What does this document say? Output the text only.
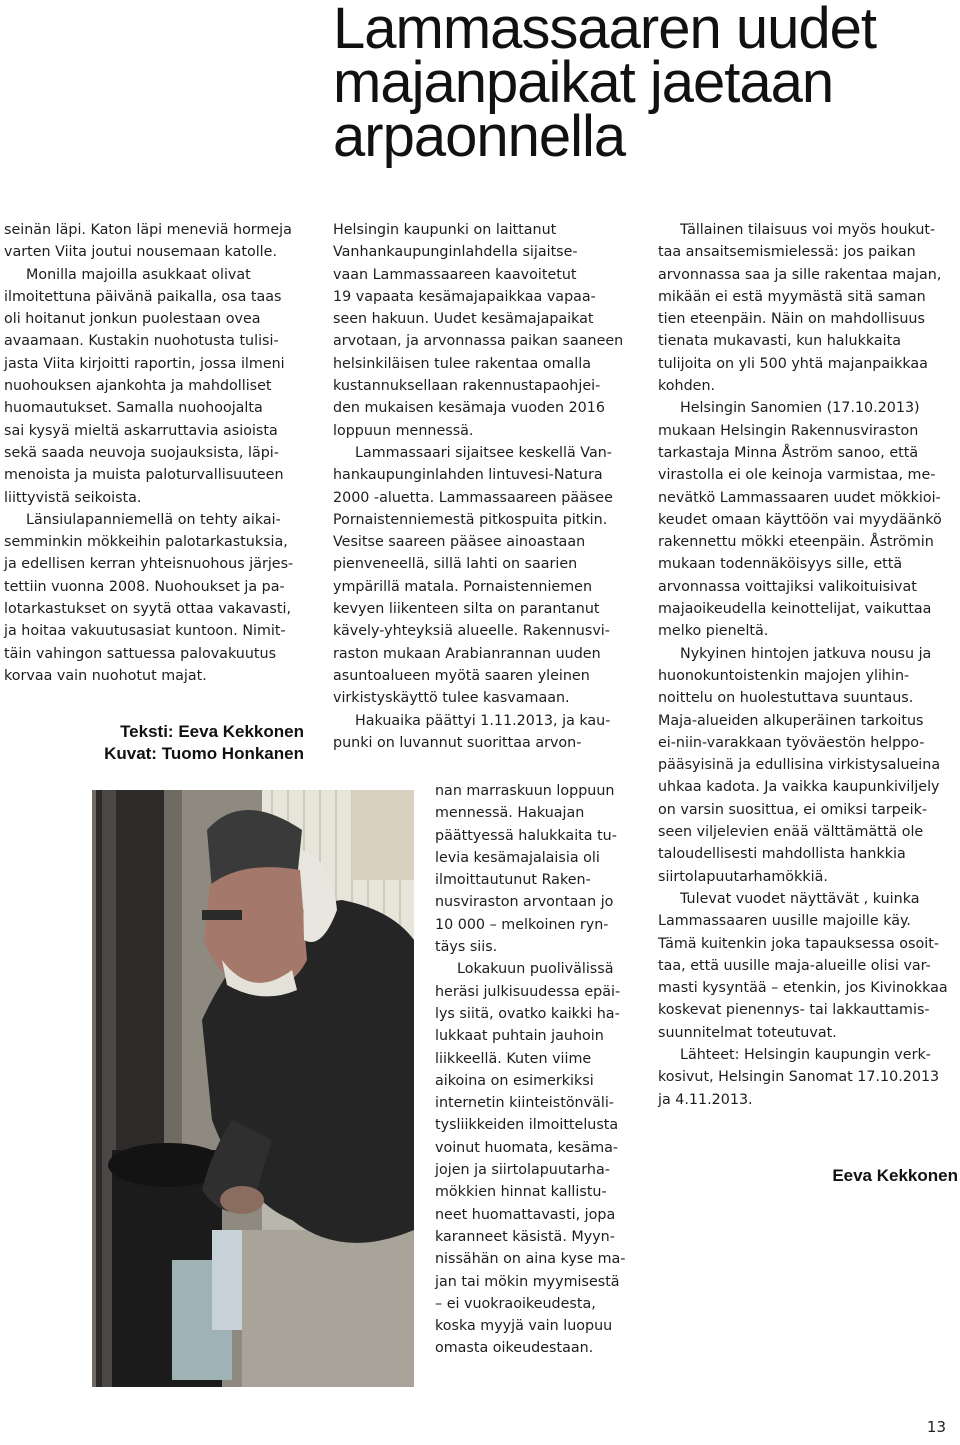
Lammassaaren uudet
majanpaikat jaetaan
arpaonnella

seinän läpi. Katon läpi meneviä hormeja

varten Viita joutui nousemaan katolle.

Monilla majoilla asukkaat olivat

ilmoitettuna päivänä paikalla, osa taas

oli hoitanut jonkun puolestaan ovea

avaamaan. Kustakin nuohotusta tulisi-

jasta Viita kirjoitti raportin, jossa ilmeni

nuohouksen ajankohta ja mahdolliset

huomautukset. Samalla nuohoojalta

sai kysyä mieltä askarruttavia asioista

sekä saada neuvoja suojauksista, läpi-

menoista ja muista paloturvallisuuteen

liittyvistä seikoista.

Länsiulapanniemellä on tehty aikai-

semminkin mökkeihin palotarkastuksia,

ja edellisen kerran yhteisnuohous järjes-

tettiin vuonna 2008. Nuohoukset ja pa-

lotarkastukset on syytä ottaa vakavasti,

ja hoitaa vakuutusasiat kuntoon. Nimit-

täin vahingon sattuessa palovakuutus

korvaa vain nuohotut majat.

Helsingin kaupunki on laittanut

Vanhankaupunginlahdella sijaitse-

vaan Lammassaareen kaavoitetut

19 vapaata kesämajapaikkaa vapaa-

seen hakuun. Uudet kesämajapaikat

arvotaan, ja arvonnassa paikan saaneen

helsinkiläisen tulee rakentaa omalla

kustannuksellaan rakennustapaohjei-

den mukaisen kesämaja vuoden 2016

loppuun mennessä.

Lammassaari sijaitsee keskellä Van-

hankaupunginlahden lintuvesi-Natura

2000 -aluetta. Lammassaareen pääsee

Pornaistenniemestä pitkospuita pitkin.

Vesitse saareen pääsee ainoastaan

pienveneellä, sillä lahti on saarien

ympärillä matala. Pornaistenniemen

kevyen liikenteen silta on parantanut

kävely-yhteyksiä alueelle. Rakennusvi-

raston mukaan Arabianrannan uuden

asuntoalueen myötä saaren yleinen

virkistyskäyttö tulee kasvamaan.

Hakuaika päättyi 1.11.2013, ja kau-

punki on luvannut suorittaa arvon-

Tällainen tilaisuus voi myös houkut-

taa ansaitsemismielessä: jos paikan

arvonnassa saa ja sille rakentaa majan,

mikään ei estä myymästä sitä saman

tien eteenpäin. Näin on mahdollisuus

tienata mukavasti, kun halukkaita

tulijoita on yli 500 yhtä majanpaikkaa

kohden.

Helsingin Sanomien (17.10.2013)

mukaan Helsingin Rakennusviraston

tarkastaja Minna Åström sanoo, että

virastolla ei ole keinoja varmistaa, me-

nevätkö Lammassaaren uudet mökkioi-

keudet omaan käyttöön vai myydäänkö

rakennettu mökki eteenpäin. Åströmin

mukaan todennäköisyys sille, että

arvonnassa voittajiksi valikoituisivat

majaoikeudella keinottelijat, vaikuttaa

melko pieneltä.

Nykyinen hintojen jatkuva nousu ja

huonokuntoistenkin majojen ylihin-

noittelu on huolestuttava suuntaus.

Maja-alueiden alkuperäinen tarkoitus

ei-niin-varakkaan työväestön helppo-

pääsyisinä ja edullisina virkistysalueina

uhkaa kadota. Ja vaikka kaupunkiviljely

on varsin suosittua, ei omiksi tarpeik-

seen viljelevien enää välttämättä ole

taloudellisesti mahdollista hankkia

siirtolapuutarhamökkiä.

Tulevat vuodet näyttävät , kuinka

Lammassaaren uusille majoille käy.

Tämä kuitenkin joka tapauksessa osoit-

taa, että uusille maja-alueille olisi var-

masti kysyntää – etenkin, jos Kivinokkaa

koskevat pienennys- tai lakkauttamis-

suunnitelmat toteutuvat.

Lähteet: Helsingin kaupungin verk-

kosivut, Helsingin Sanomat 17.10.2013

ja 4.11.2013.

nan marraskuun loppuun

mennessä. Hakuajan

päättyessä halukkaita tu-

levia kesämajalaisia oli

ilmoittautunut Raken-

nusviraston arvontaan jo

10 000 – melkoinen ryn-

täys siis.

Lokakuun puolivälissä

heräsi julkisuudessa epäi-

lys siitä, ovatko kaikki ha-

lukkaat puhtain jauhoin

liikkeellä. Kuten viime

aikoina on esimerkiksi

internetin kiinteistönväli-

tysliikkeiden ilmoittelusta

voinut huomata, kesäma-

jojen ja siirtolapuutarha-

mökkien hinnat kallistu-

neet huomattavasti, jopa

karanneet käsistä. Myyn-

nissähän on aina kyse ma-

jan tai mökin myymisestä

– ei vuokraoikeudesta,

koska myyjä vain luopuu

omasta oikeudestaan.

Teksti: Eeva Kekkonen
Kuvat: Tuomo Honkanen
Eeva Kekkonen
13
